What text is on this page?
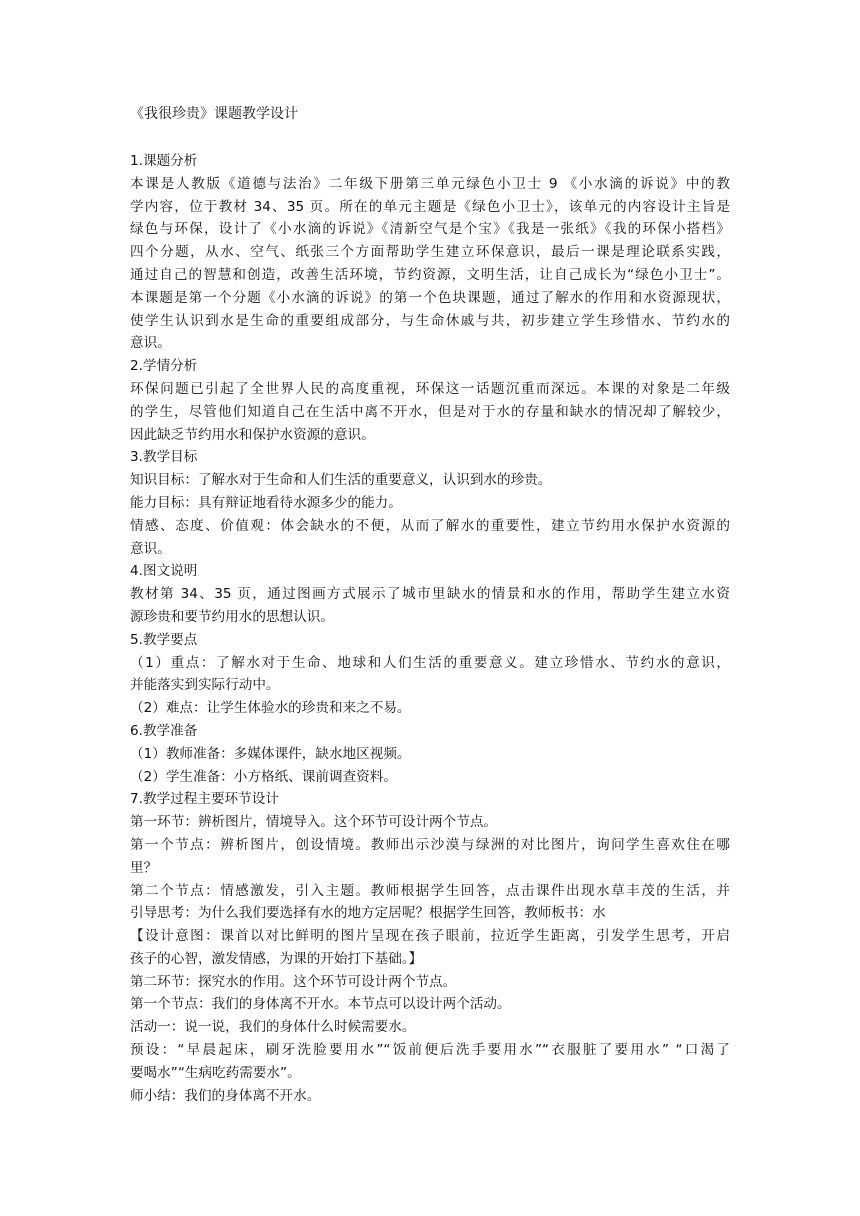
《我很珍贵》课题教学设计
1.课题分析
本课是人教版《道德与法治》二年级下册第三单元绿色小卫士 9 《小水滴的诉说》中的教
学内容，位于教材 34、35 页。所在的单元主题是《绿色小卫士》，该单元的内容设计主旨是
绿色与环保，设计了《小水滴的诉说》《清新空气是个宝》《我是一张纸》《我的环保小搭档》
四个分题，从水、空气、纸张三个方面帮助学生建立环保意识，最后一课是理论联系实践，
通过自己的智慧和创造，改善生活环境，节约资源，文明生活，让自己成长为“绿色小卫士”。
本课题是第一个分题《小水滴的诉说》的第一个色块课题，通过了解水的作用和水资源现状，
使学生认识到水是生命的重要组成部分，与生命休戚与共，初步建立学生珍惜水、节约水的
意识。
2.学情分析
环保问题已引起了全世界人民的高度重视，环保这一话题沉重而深远。本课的对象是二年级
的学生，尽管他们知道自己在生活中离不开水，但是对于水的存量和缺水的情况却了解较少，
因此缺乏节约用水和保护水资源的意识。
3.教学目标
知识目标：了解水对于生命和人们生活的重要意义，认识到水的珍贵。
能力目标：具有辩证地看待水源多少的能力。
情感、态度、价值观：体会缺水的不便，从而了解水的重要性，建立节约用水保护水资源的
意识。
4.图文说明
教材第 34、35 页，通过图画方式展示了城市里缺水的情景和水的作用，帮助学生建立水资
源珍贵和要节约用水的思想认识。
5.教学要点
（1）重点：了解水对于生命、地球和人们生活的重要意义。建立珍惜水、节约水的意识，
并能落实到实际行动中。
（2）难点：让学生体验水的珍贵和来之不易。
6.教学准备
（1）教师准备：多媒体课件，缺水地区视频。
（2）学生准备：小方格纸、课前调查资料。
7.教学过程主要环节设计
第一环节：辨析图片，情境导入。这个环节可设计两个节点。
第一个节点：辨析图片，创设情境。教师出示沙漠与绿洲的对比图片，询问学生喜欢住在哪
里？
第二个节点：情感激发，引入主题。教师根据学生回答，点击课件出现水草丰茂的生活，并
引导思考：为什么我们要选择有水的地方定居呢？根据学生回答，教师板书：水
【设计意图：课首以对比鲜明的图片呈现在孩子眼前，拉近学生距离，引发学生思考，开启
孩子的心智，激发情感，为课的开始打下基础。】
第二环节：探究水的作用。这个环节可设计两个节点。
第一个节点：我们的身体离不开水。本节点可以设计两个活动。
活动一：说一说，我们的身体什么时候需要水。
预设：“早晨起床，刷牙洗脸要用水”“饭前便后洗手要用水”“衣服脏了要用水” “口渴了
要喝水”“生病吃药需要水”。
师小结：我们的身体离不开水。
